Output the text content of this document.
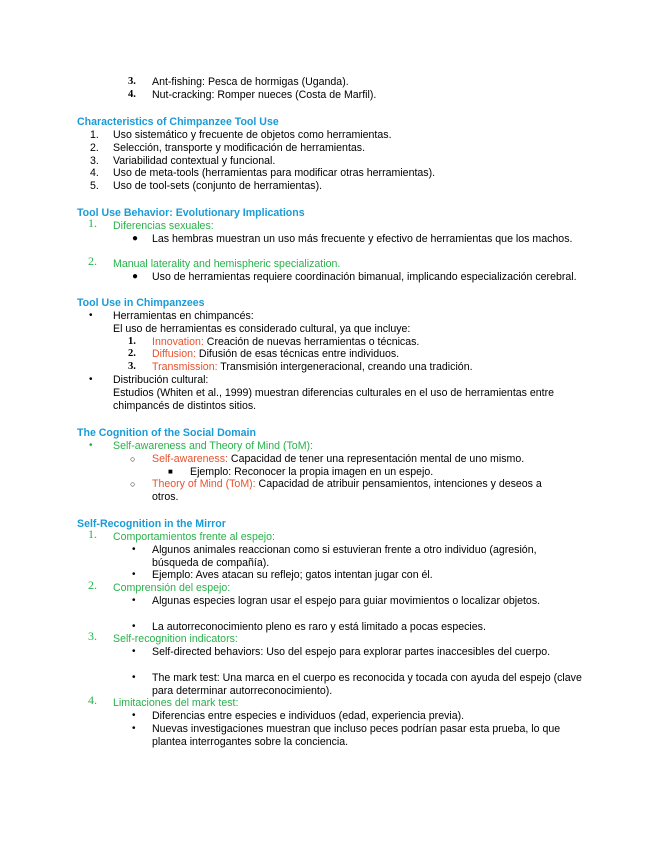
3. Ant-fishing: Pesca de hormigas (Uganda).
4. Nut-cracking: Romper nueces (Costa de Marfil).
Characteristics of Chimpanzee Tool Use
1. Uso sistemático y frecuente de objetos como herramientas.
2. Selección, transporte y modificación de herramientas.
3. Variabilidad contextual y funcional.
4. Uso de meta-tools (herramientas para modificar otras herramientas).
5. Uso de tool-sets (conjunto de herramientas).
Tool Use Behavior: Evolutionary Implications
1. Diferencias sexuales:
● Las hembras muestran un uso más frecuente y efectivo de herramientas que los machos.
2. Manual laterality and hemispheric specialization.
● Uso de herramientas requiere coordinación bimanual, implicando especialización cerebral.
Tool Use in Chimpanzees
• Herramientas en chimpancés:
El uso de herramientas es considerado cultural, ya que incluye:
1. Innovation: Creación de nuevas herramientas o técnicas.
2. Diffusion: Difusión de esas técnicas entre individuos.
3. Transmission: Transmisión intergeneracional, creando una tradición.
• Distribución cultural:
Estudios (Whiten et al., 1999) muestran diferencias culturales en el uso de herramientas entre chimpancés de distintos sitios.
The Cognition of the Social Domain
• Self-awareness and Theory of Mind (ToM):
○ Self-awareness: Capacidad de tener una representación mental de uno mismo.
■ Ejemplo: Reconocer la propia imagen en un espejo.
○ Theory of Mind (ToM): Capacidad de atribuir pensamientos, intenciones y deseos a otros.
Self-Recognition in the Mirror
1. Comportamientos frente al espejo:
• Algunos animales reaccionan como si estuvieran frente a otro individuo (agresión, búsqueda de compañía).
• Ejemplo: Aves atacan su reflejo; gatos intentan jugar con él.
2. Comprensión del espejo:
• Algunas especies logran usar el espejo para guiar movimientos o localizar objetos.
• La autorreconocimiento pleno es raro y está limitado a pocas especies.
3. Self-recognition indicators:
• Self-directed behaviors: Uso del espejo para explorar partes inaccesibles del cuerpo.
• The mark test: Una marca en el cuerpo es reconocida y tocada con ayuda del espejo (clave para determinar autorreconocimiento).
4. Limitaciones del mark test:
• Diferencias entre especies e individuos (edad, experiencia previa).
• Nuevas investigaciones muestran que incluso peces podrían pasar esta prueba, lo que plantea interrogantes sobre la conciencia.
